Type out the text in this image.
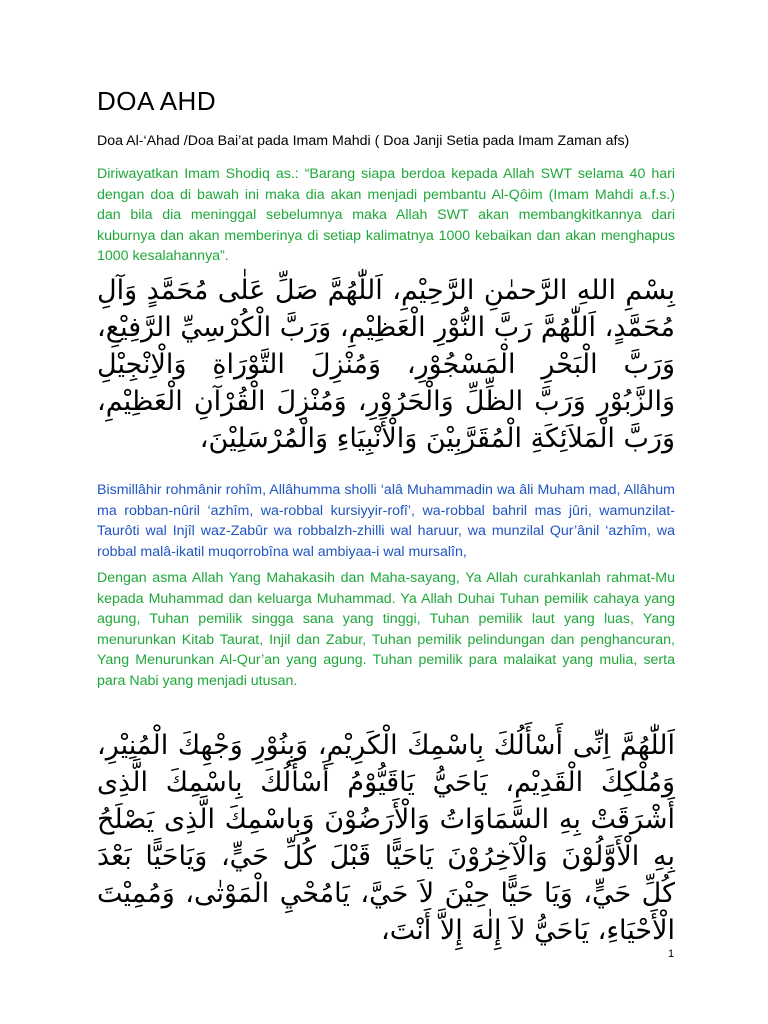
DOA AHD

Doa Al-‘Ahad /Doa Bai’at pada Imam Mahdi ( Doa Janji Setia pada Imam Zaman afs)

Diriwayatkan Imam Shodiq as.: “Barang siapa berdoa kepada Allah SWT selama 40 hari dengan doa di bawah ini maka dia akan menjadi pembantu Al-Qôim (Imam Mahdi a.f.s.) dan bila dia meninggal sebelumnya maka Allah SWT akan membangkitkannya dari kuburnya dan akan memberinya di setiap kalimatnya 1000 kebaikan dan akan menghapus 1000 kesalahannya”.

بِسْمِ اللهِ الرَّحمٰنِ الرَّحِيْمِ، اَللّٰهُمَّ صَلِّ عَلٰى مُحَمَّدٍ وَآلِ مُحَمَّدٍ، اَللّٰهُمَّ رَبَّ النُّوْرِ الْعَظِيْمِ، وَرَبَّ الْكُرْسِيِّ الرَّفِيْعِ، وَرَبَّ الْبَحْرِ الْمَسْجُوْرِ، وَمُنْزِلَ التَّوْرَاةِ وَالْاِنْجِيْلِ وَالزَّبُوْرِ وَرَبَّ الظِّلِّ وَالْحَرُوْرِ، وَمُنْزِلَ الْقُرْآنِ الْعَظِيْمِ، وَرَبَّ الْمَلاَئِكَةِ الْمُقَرَّبِيْنَ وَالْأَنْبِيَاءِ وَالْمُرْسَلِيْنَ،

Bismillâhir rohmânir rohîm, Allâhumma sholli ‘alâ Muhammadin wa âli Muham mad, Allâhum ma robban-nûril ‘azhîm, wa-robbal kursiyyir-rofî’, wa-robbal bahril mas jûri, wamunzilat-Taurôti wal Injîl waz-Zabûr wa robbalzh-zhilli wal haruur, wa munzilal Qur’ânil ‘azhîm, wa robbal malâ-ikatil muqorrobîna wal ambiyaa-i wal mursalîn,

Dengan asma Allah Yang Mahakasih dan Maha-sayang, Ya Allah curahkanlah rahmat-Mu kepada Muhammad dan keluarga Muhammad. Ya Allah Duhai Tuhan pemilik cahaya yang agung, Tuhan pemilik singga sana yang tinggi, Tuhan pemilik laut yang luas, Yang menurunkan Kitab Taurat, Injil dan Zabur, Tuhan pemilik pelindungan dan penghancuran, Yang Menurunkan Al-Qur’an yang agung. Tuhan pemilik para malaikat yang mulia, serta para Nabi yang menjadi utusan.

اَللّٰهُمَّ اِنِّى أَسْأَلُكَ بِاسْمِكَ الْكَرِيْمِ، وَبِنُوْرِ وَجْهِكَ الْمُنِيْرِ، وَمُلْكِكَ الْقَدِيْمِ، يَاحَيُّ يَاقَيُّوْمُ أَسْأَلُكَ بِاسْمِكَ الَّذِى أَشْرَقَتْ بِهِ السَّمَاوَاتُ وَالْأَرَضُوْنَ وَبِاسْمِكَ الَّذِى يَصْلَحُ بِهِ الْأَوَّلُوْنَ وَالْآخِرُوْنَ يَاحَيًّا قَبْلَ كُلِّ حَيٍّ، وَيَاحَيًّا بَعْدَ كُلِّ حَيٍّ، وَيَا حَيًّا حِيْنَ لاَ حَيَّ، يَامُحْيِ الْمَوْتٰى، وَمُمِيْتَ الْأَحْيَاءِ، يَاحَيُّ لاَ إِلٰهَ إِلاَّ أَنْتَ،

1
